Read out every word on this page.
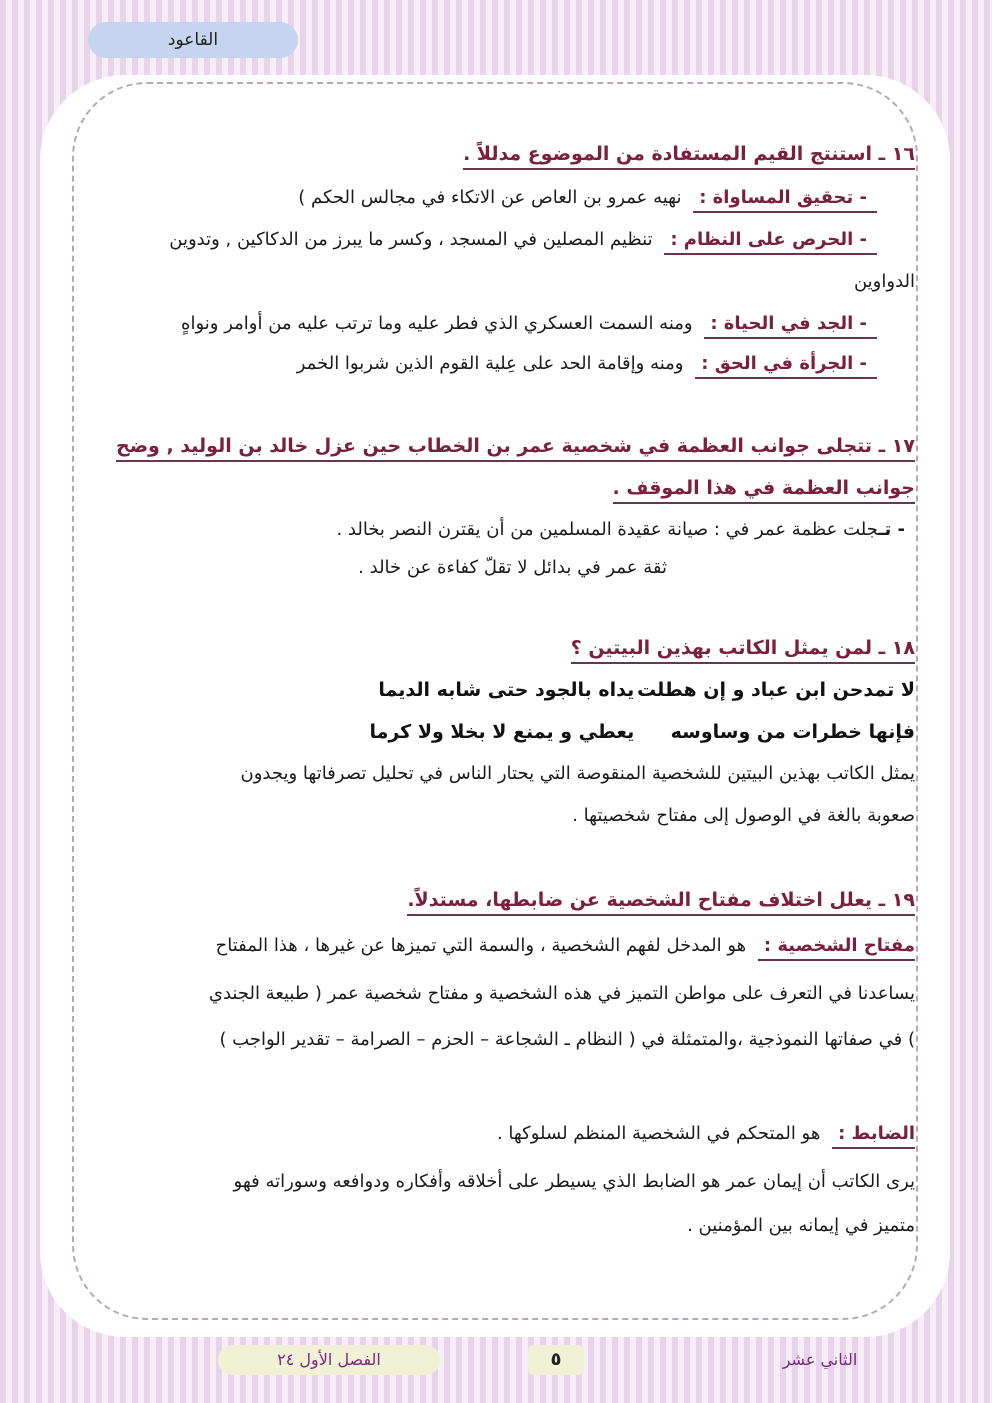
القاعود
١٦ ـ استنتج القيم المستفادة من الموضوع مدللاً .
- تحقيق المساواة : نهيه عمرو بن العاص عن الاتكاء في مجالس الحكم )
- الحرص على النظام : تنظيم المصلين في المسجد ، وكسر ما يبرز من الدكاكين , وتدوين
الدواوين
- الجد في الحياة : ومنه السمت العسكري الذي فطر عليه وما ترتب عليه من أوامر ونواهٍ
- الجرأة في الحق : ومنه وإقامة الحد على عِلية القوم الذين شربوا الخمر
١٧ ـ تتجلى جوانب العظمة في شخصية عمر بن الخطاب حين عزل خالد بن الوليد , وضح
جوانب العظمة في هذا الموقف .
- تـجلت عظمة عمر في : صيانة عقيدة المسلمين من أن يقترن النصر بخالد .
ثقة عمر في بدائل لا تقلّ كفاءة عن خالد .
١٨ ـ لمن يمثل الكاتب بهذين البيتين ؟
لا تمدحن ابن عباد و إن هطلت يداه بالجود حتى شابه الديما
فإنها خطرات من وساوسه يعطي و يمنع لا بخلا ولا كرما
يمثل الكاتب بهذين البيتين للشخصية المنقوصة التي يحتار الناس في تحليل تصرفاتها ويجدون
صعوبة بالغة في الوصول إلى مفتاح شخصيتها .
١٩ ـ يعلل اختلاف مفتاح الشخصية عن ضابطها، مستدلاً.
مفتاح الشخصية : هو المدخل لفهم الشخصية ، والسمة التي تميزها عن غيرها ، هذا المفتاح
يساعدنا في التعرف على مواطن التميز في هذه الشخصية و مفتاح شخصية عمر ( طبيعة الجندي
) في صفاتها النموذجية ،والمتمثلة في ( النظام ـ الشجاعة – الحزم – الصرامة – تقدير الواجب )
الضابط : هو المتحكم في الشخصية المنظم لسلوكها .
يرى الكاتب أن إيمان عمر هو الضابط الذي يسيطر على أخلاقه وأفكاره ودوافعه وسوراته فهو
متميز في إيمانه بين المؤمنين .
الفصل الأول ٢٤	٥	الثاني عشر
